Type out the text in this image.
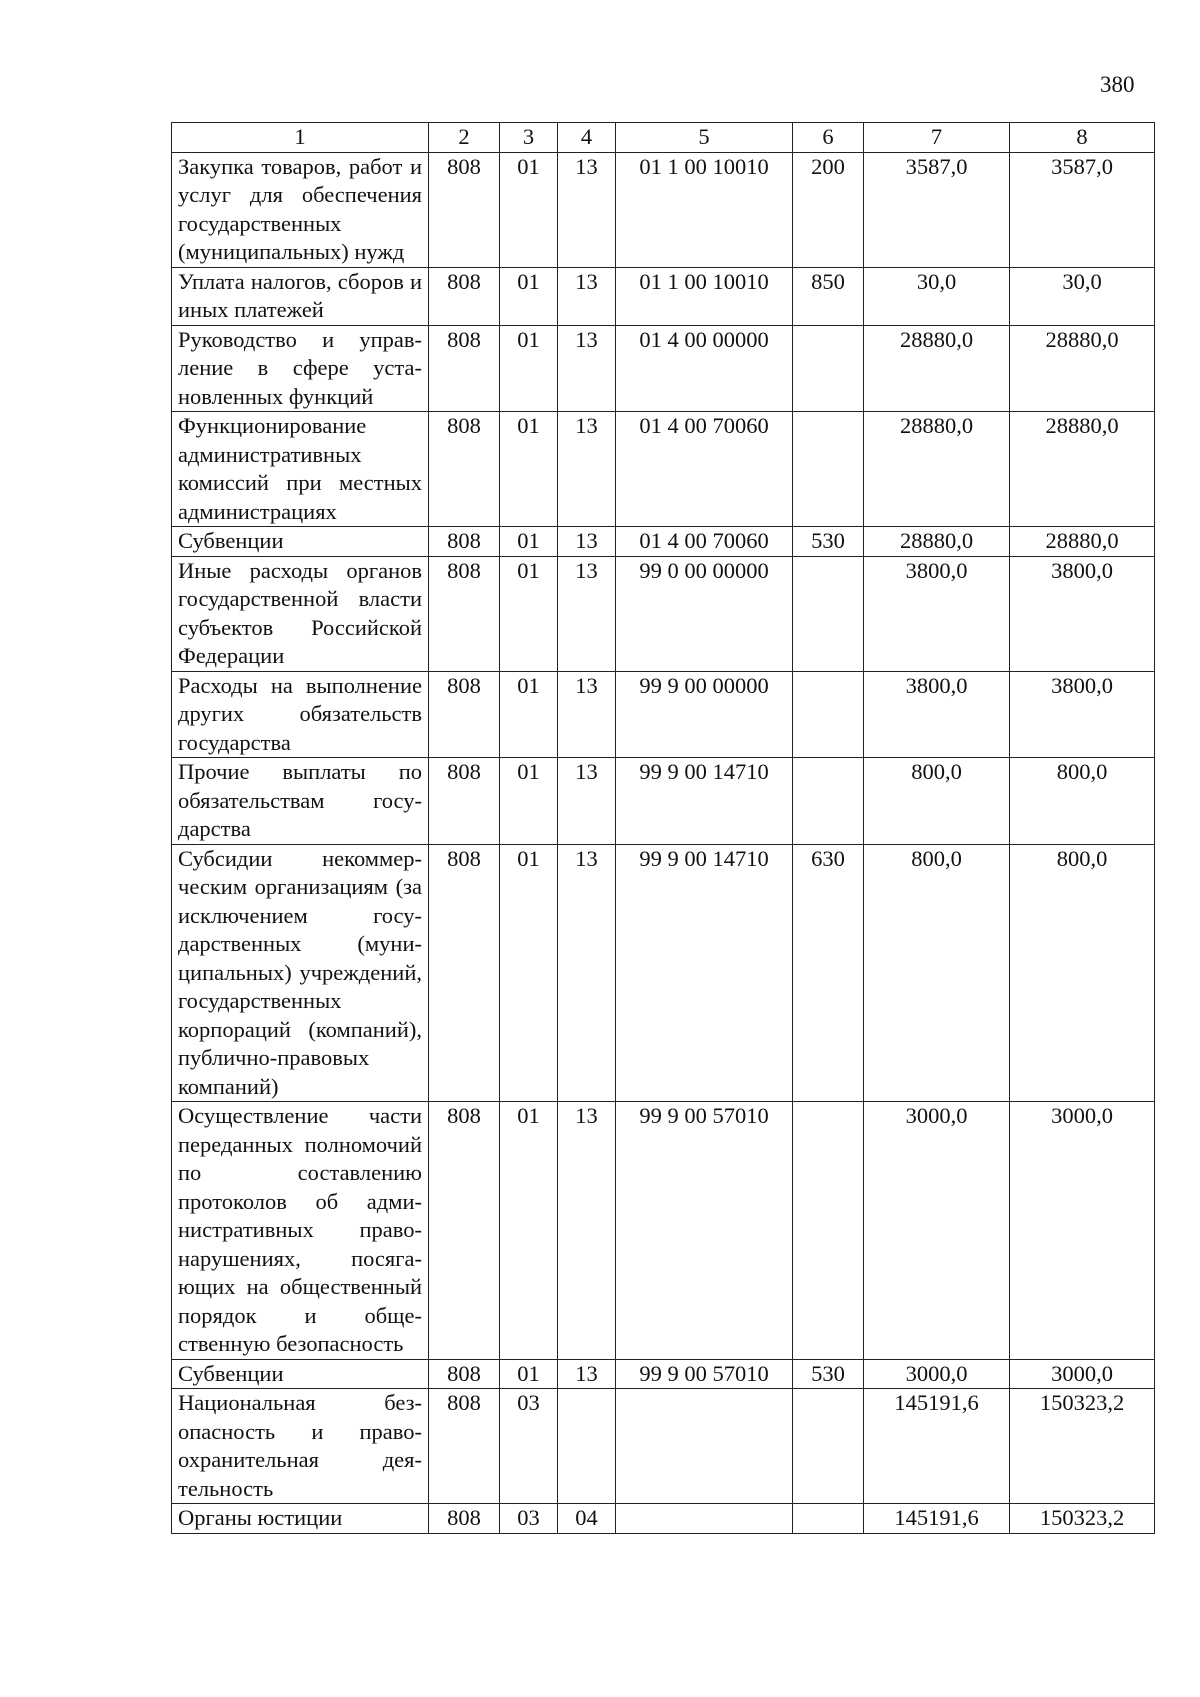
380
1	2	3	4	5	6	7	8
Закупка товаров, работ и услуг для обеспечения государственных (муниципальных) нужд	808	01	13	01 1 00 10010	200	3587,0	3587,0
Уплата налогов, сборов и иных платежей	808	01	13	01 1 00 10010	850	30,0	30,0
Руководство и управление в сфере установленных функций	808	01	13	01 4 00 00000		28880,0	28880,0
Функционирование административных комиссий при местных администрациях	808	01	13	01 4 00 70060		28880,0	28880,0
Субвенции	808	01	13	01 4 00 70060	530	28880,0	28880,0
Иные расходы органов государственной власти субъектов Российской Федерации	808	01	13	99 0 00 00000		3800,0	3800,0
Расходы на выполнение других обязательств государства	808	01	13	99 9 00 00000		3800,0	3800,0
Прочие выплаты по обязательствам государства	808	01	13	99 9 00 14710		800,0	800,0
Субсидии некоммерческим организациям (за исключением государственных (муниципальных) учреждений, государственных корпораций (компаний), публично-правовых компаний)	808	01	13	99 9 00 14710	630	800,0	800,0
Осуществление части переданных полномочий по составлению протоколов об административных правонарушениях, посягающих на общественный порядок и общественную безопасность	808	01	13	99 9 00 57010		3000,0	3000,0
Субвенции	808	01	13	99 9 00 57010	530	3000,0	3000,0
Национальная безопасность и правоохранительная деятельность	808	03				145191,6	150323,2
Органы юстиции	808	03	04			145191,6	150323,2
